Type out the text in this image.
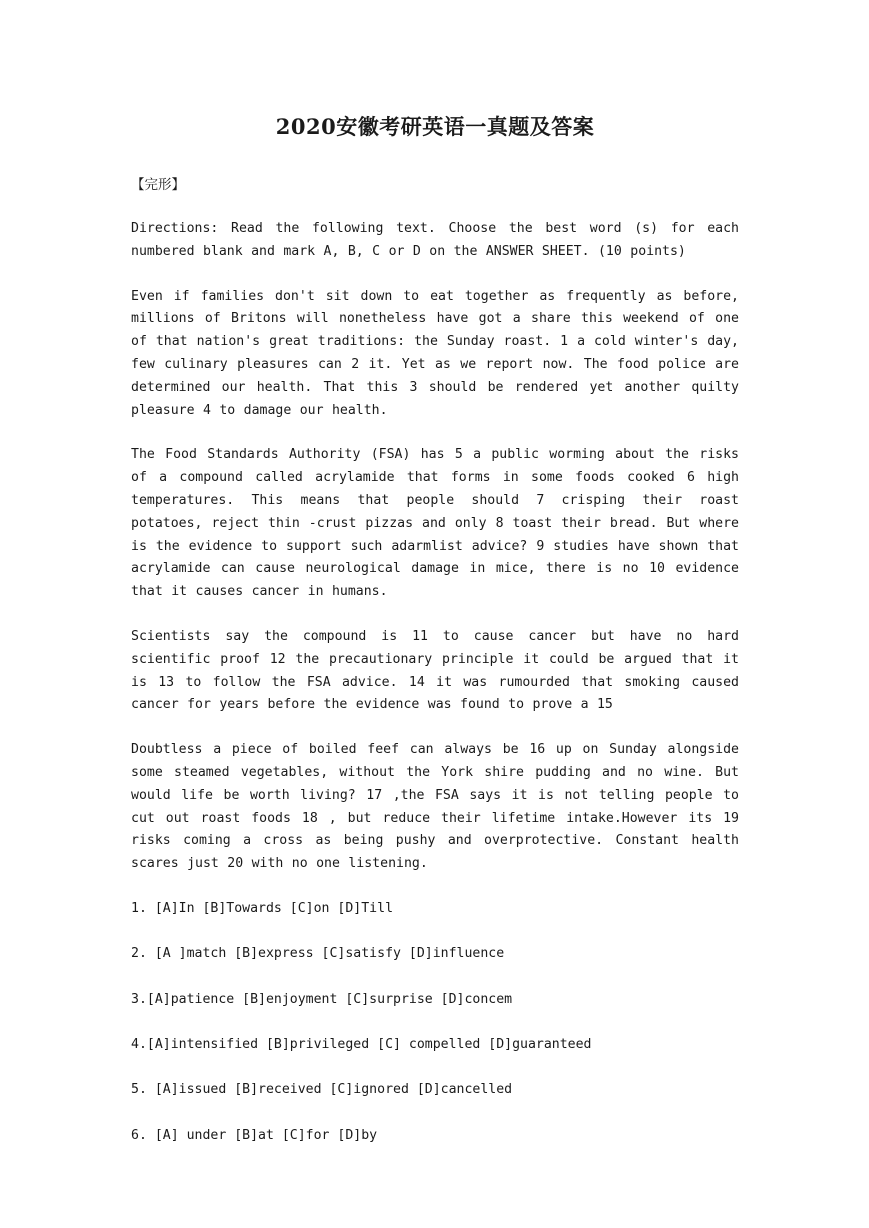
2020安徽考研英语一真题及答案
【完形】

Directions: Read the following text. Choose the best word (s) for each numbered blank and mark A, B, C or D on the ANSWER SHEET. (10 points)

Even if families don't sit down to eat together as frequently as before, millions of Britons will nonetheless have got a share this weekend of one of that nation's great traditions: the Sunday roast. 1 a cold winter's day, few culinary pleasures can 2 it. Yet as we report now. The food police are determined our health. That this 3 should be rendered yet another quilty pleasure 4 to damage our health.

The Food Standards Authority (FSA) has 5 a public worming about the risks of a compound called acrylamide that forms in some foods cooked 6 high temperatures. This means that people should 7 crisping their roast potatoes, reject thin -crust pizzas and only 8 toast their bread. But where is the evidence to support such adarmlist advice? 9 studies have shown that acrylamide can cause neurological damage in mice, there is no 10 evidence that it causes cancer in humans.

Scientists say the compound is 11 to cause cancer but have no hard scientific proof 12 the precautionary principle it could be argued that it is 13 to follow the FSA advice. 14 it was rumourded that smoking caused cancer for years before the evidence was found to prove a 15

Doubtless a piece of boiled feef can always be 16 up on Sunday alongside some steamed vegetables, without the York shire pudding and no wine. But would life be worth living? 17 ,the FSA says it is not telling people to cut out roast foods 18 , but reduce their lifetime intake.However its 19 risks coming a cross as being pushy and overprotective. Constant health scares just 20 with no one listening.

1. [A]In [B]Towards [C]on [D]Till
2. [A ]match [B]express [C]satisfy [D]influence
3.[A]patience [B]enjoyment [C]surprise [D]concem
4.[A]intensified [B]privileged [C] compelled [D]guaranteed
5. [A]issued [B]received [C]ignored [D]cancelled
6. [A] under [B]at [C]for [D]by
